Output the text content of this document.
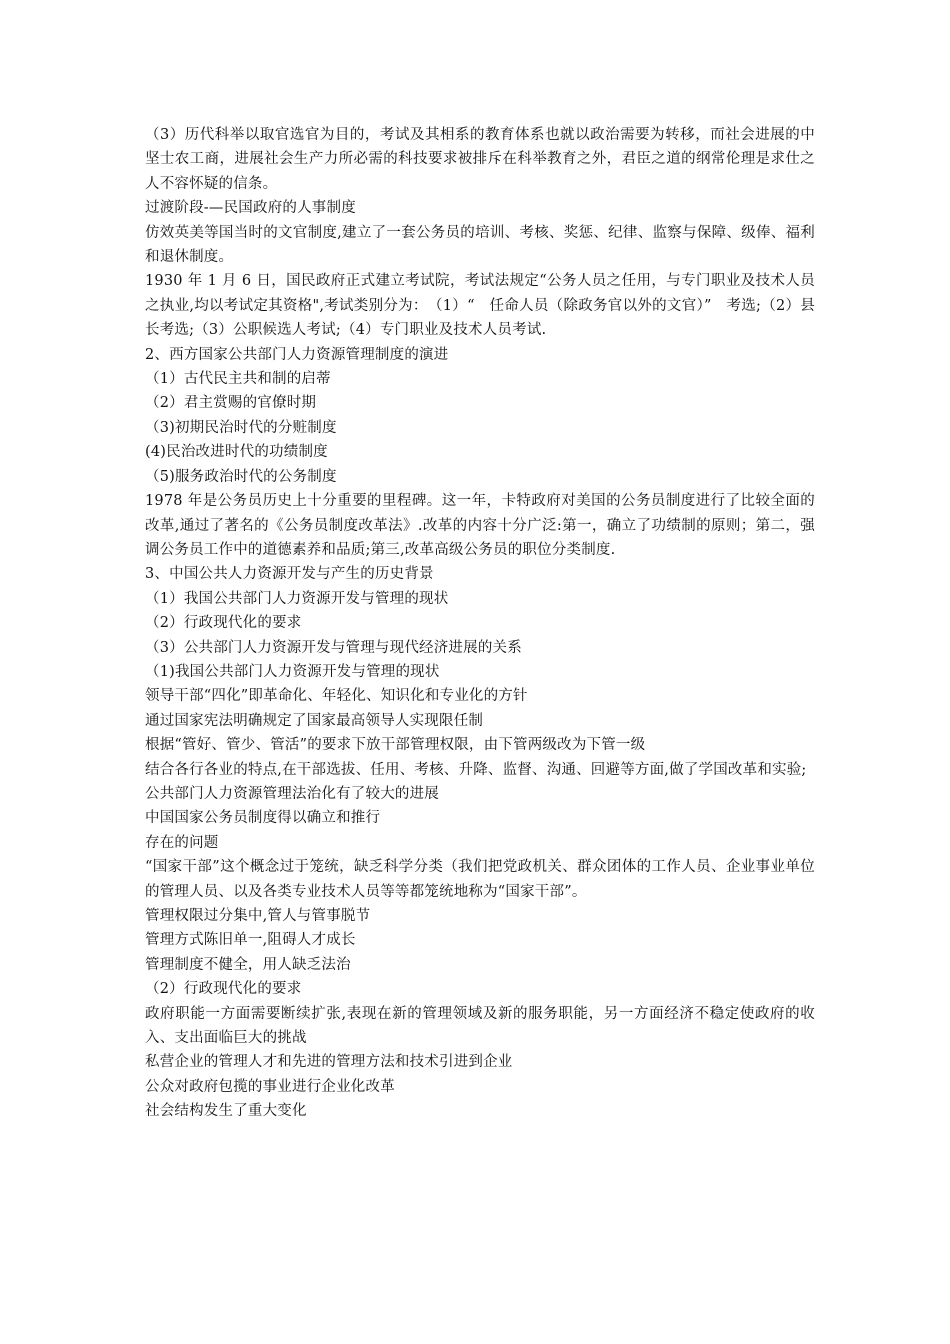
（3）历代科举以取官选官为目的，考试及其相系的教育体系也就以政治需要为转移，而社会进展的中坚士农工商，进展社会生产力所必需的科技要求被排斥在科举教育之外，君臣之道的纲常伦理是求仕之人不容怀疑的信条。

过渡阶段-—民国政府的人事制度

仿效英美等国当时的文官制度,建立了一套公务员的培训、考核、奖惩、纪律、监察与保障、级俸、福利和退休制度。

1930 年 1 月 6 日，国民政府正式建立考试院，考试法规定“公务人员之任用，与专门职业及技术人员之执业,均以考试定其资格",考试类别分为：　（1）“　任命人员（除政务官以外的文官）”　考选;（2）县长考选;（3）公职候选人考试;（4）专门职业及技术人员考试.

2、西方国家公共部门人力资源管理制度的演进

（1）古代民主共和制的启蒂

（2）君主赏赐的官僚时期

（3)初期民治时代的分赃制度

(4)民治改进时代的功绩制度

（5)服务政治时代的公务制度

1978 年是公务员历史上十分重要的里程碑。这一年，卡特政府对美国的公务员制度进行了比较全面的改革,通过了著名的《公务员制度改革法》.改革的内容十分广泛:第一，确立了功绩制的原则；第二，强调公务员工作中的道德素养和品质;第三,改革高级公务员的职位分类制度.

3、中国公共人力资源开发与产生的历史背景

（1）我国公共部门人力资源开发与管理的现状

（2）行政现代化的要求

（3）公共部门人力资源开发与管理与现代经济进展的关系

（1)我国公共部门人力资源开发与管理的现状

领导干部“四化”即革命化、年轻化、知识化和专业化的方针

通过国家宪法明确规定了国家最高领导人实现限任制

根据“管好、管少、管活”的要求下放干部管理权限，由下管两级改为下管一级

结合各行各业的特点,在干部选拔、任用、考核、升降、监督、沟通、回避等方面,做了学国改革和实验;

公共部门人力资源管理法治化有了较大的进展

中国国家公务员制度得以确立和推行

存在的问题

“国家干部”这个概念过于笼统，缺乏科学分类（我们把党政机关、群众团体的工作人员、企业事业单位的管理人员、以及各类专业技术人员等等都笼统地称为“国家干部”。

管理权限过分集中,管人与管事脱节

管理方式陈旧单一,阻碍人才成长

管理制度不健全，用人缺乏法治

（2）行政现代化的要求

政府职能一方面需要断续扩张,表现在新的管理领域及新的服务职能，另一方面经济不稳定使政府的收入、支出面临巨大的挑战

私营企业的管理人才和先进的管理方法和技术引进到企业

公众对政府包揽的事业进行企业化改革

社会结构发生了重大变化
